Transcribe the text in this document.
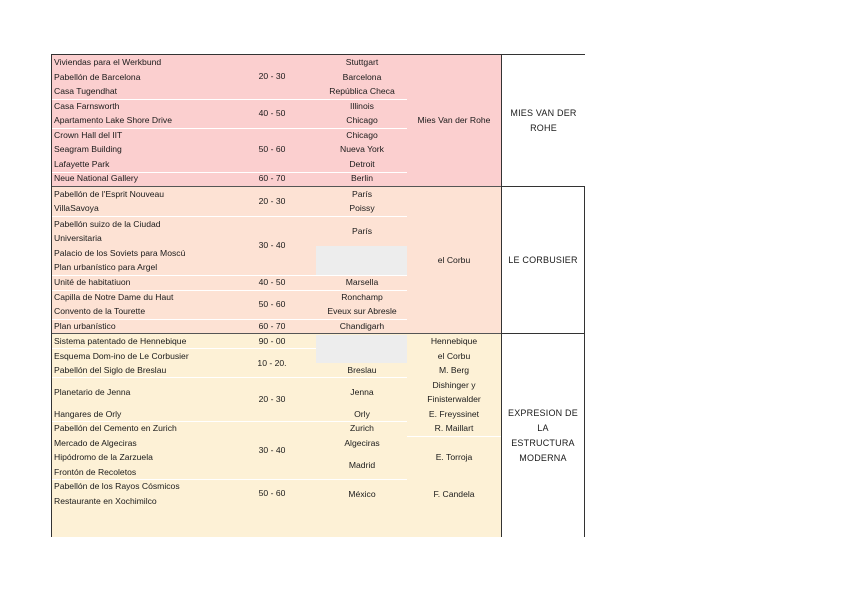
Viviendas para el Werkbund
Pabellón de Barcelona
Casa Tugendhat
Casa Farnsworth
Apartamento Lake Shore Drive
Crown Hall del IIT
Seagram Building
Lafayette Park
Neue National Gallery
20 - 30
40 - 50
50 - 60
60 - 70
Stuttgart
Barcelona
República Checa
Illinois
Chicago
Chicago
Nueva York
Detroit
Berlin
Mies Van der Rohe
MIES VAN DER ROHE
Pabellón de l'Esprit Nouveau
VillaSavoya
Pabellón suizo de la Ciudad
Universitaria
Palacio de los Soviets para Moscú
Plan urbanístico para Argel
Unité de habitatiuon
Capilla de Notre Dame du Haut
Convento de la Tourette
Plan urbanístico
20 - 30
30 - 40
40 - 50
50 - 60
60 - 70
París
Poissy
París
Marsella
Ronchamp
Eveux sur Abresle
Chandigarh
el Corbu	LE CORBUSIER
Sistema patentado de Hennebique
Esquema Dom-ino de Le Corbusier
Pabellón del Siglo de Breslau
Planetario de Jenna
Hangares de Orly
Pabellón del Cemento en Zurich
Mercado de Algeciras
Hipódromo de la Zarzuela
Frontón de Recoletos
Pabellón de los Rayos Cósmicos
Restaurante en Xochimilco
90 - 00
10 - 20.
20 - 30
30 - 40
50 - 60
Breslau
Jenna
Orly
Zurich
Algeciras
Madrid
México
Hennebique
el Corbu
M. Berg
Dishinger y
Finisterwalder
E. Freyssinet
R. Maillart
E. Torroja
F. Candela
EXPRESION DE LA
ESTRUCTURA
MODERNA
